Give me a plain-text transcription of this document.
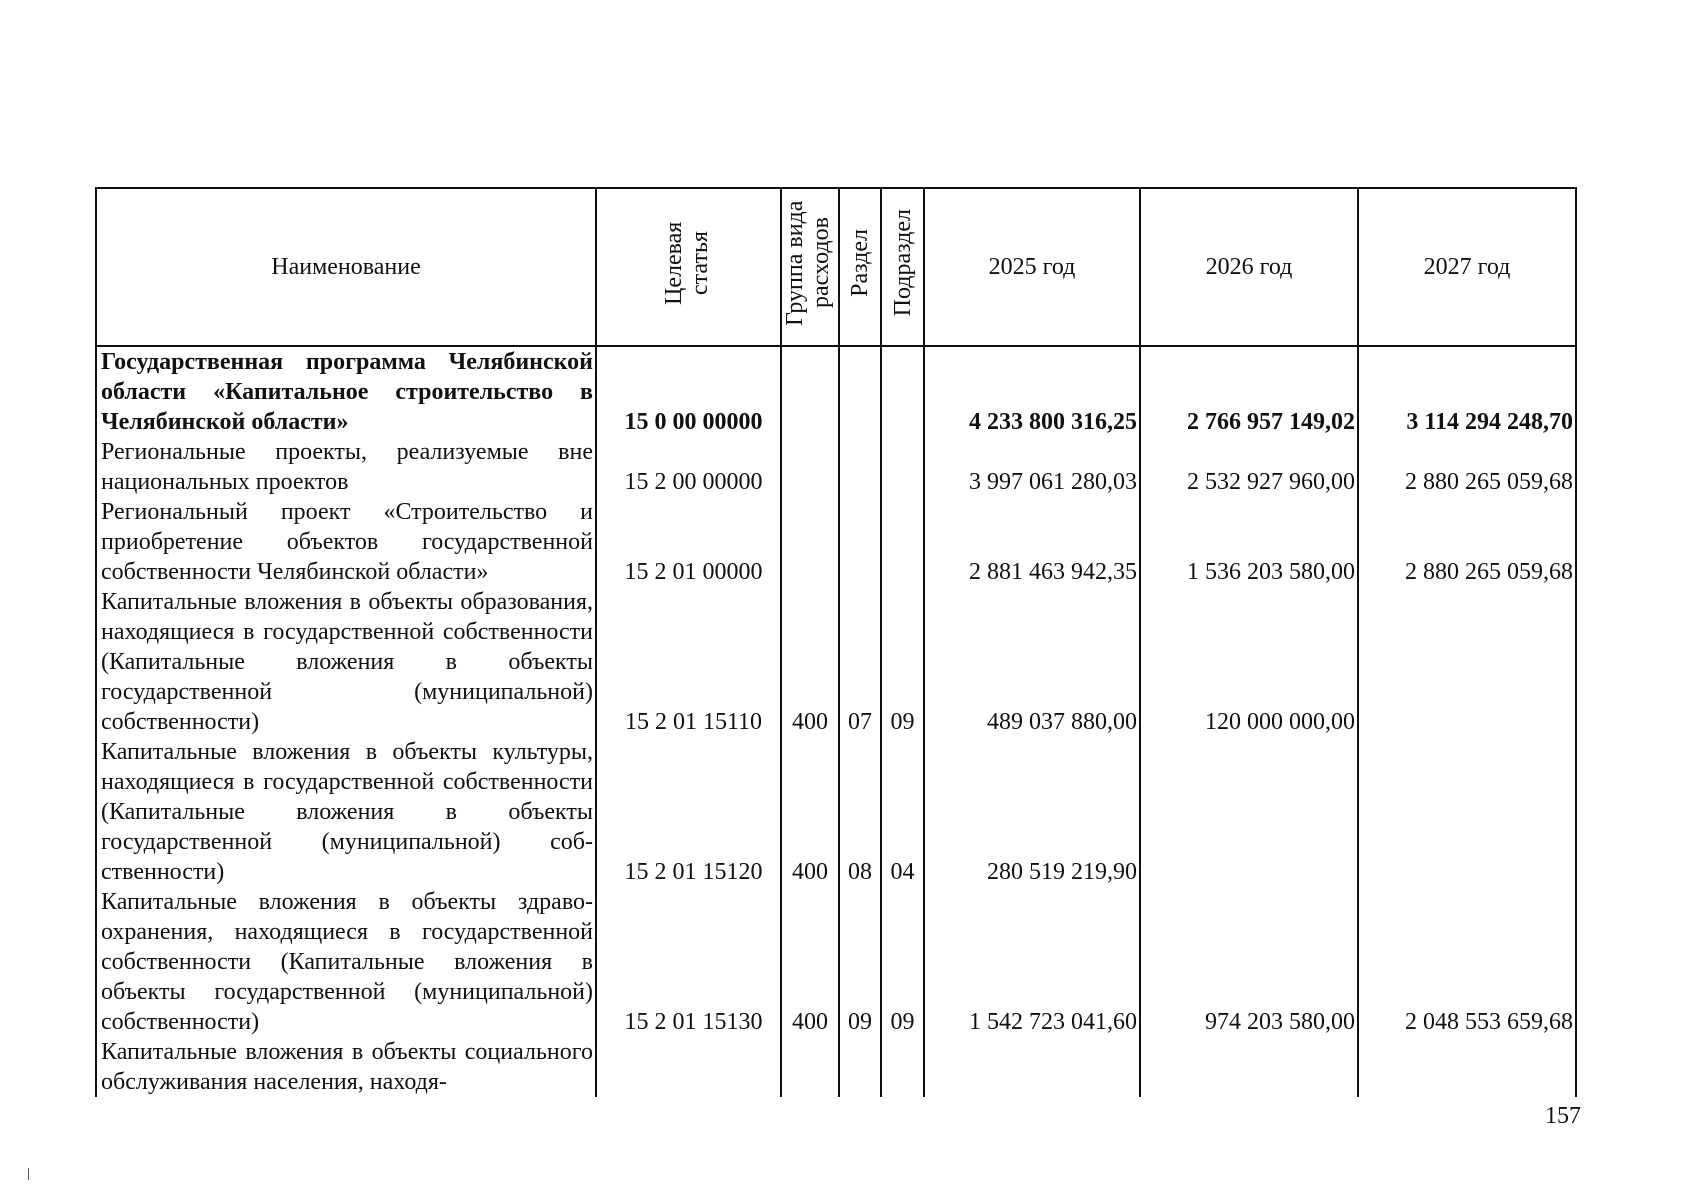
Наименование	Целевая статья	Группа вида расходов	Раздел	Подраздел	2025 год	2026 год	2027 год
Государственная программа Челябинской области «Капитальное строительство в Челябинской области»	15 0 00 00000				4 233 800 316,25	2 766 957 149,02	3 114 294 248,70
Региональные проекты, реализуемые вне национальных проектов	15 2 00 00000				3 997 061 280,03	2 532 927 960,00	2 880 265 059,68
Региональный проект «Строительство и приобретение объектов государственной собственности Челябинской области»	15 2 01 00000				2 881 463 942,35	1 536 203 580,00	2 880 265 059,68
Капитальные вложения в объекты образования, находящиеся в государственной собственности (Капитальные вложения в объекты государственной (муниципальной) собственности)	15 2 01 15110	400	07	09	489 037 880,00	120 000 000,00	
Капитальные вложения в объекты культуры, находящиеся в государственной собственности (Капитальные вложения в объекты государственной (муниципальной) собственности)	15 2 01 15120	400	08	04	280 519 219,90		
Капитальные вложения в объекты здравоохранения, находящиеся в государственной собственности (Капитальные вложения в объекты государственной (муниципальной) собственности)	15 2 01 15130	400	09	09	1 542 723 041,60	974 203 580,00	2 048 553 659,68
Капитальные вложения в объекты социального обслуживания населения, находя-							
157
